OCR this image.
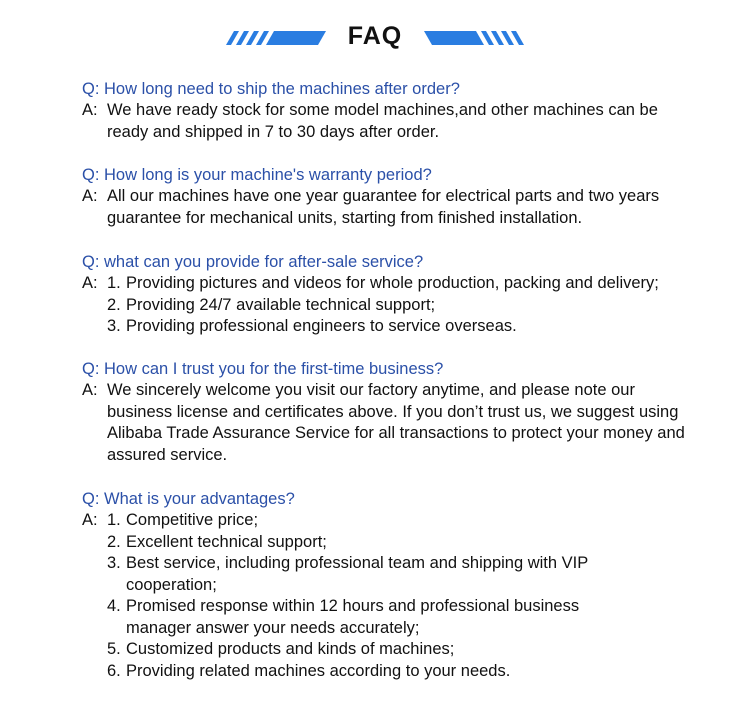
FAQ
Q: How long need to ship the machines after order?
A: We have ready stock for some model machines,and other machines can be ready and shipped in 7 to 30 days after order.
Q: How long is your machine's warranty period?
A: All our machines have one year guarantee for electrical parts and two years guarantee for mechanical units, starting from finished installation.
Q: what can you provide for after-sale service?
A: 1. Providing pictures and videos for whole production, packing and delivery;
2. Providing 24/7 available technical support;
3. Providing professional engineers to service overseas.
Q: How can I trust you for the first-time business?
A: We sincerely welcome you visit our factory anytime, and please note our business license and certificates above. If you don’t trust us, we suggest using Alibaba Trade Assurance Service for all transactions to protect your money and assured service.
Q: What is your advantages?
A: 1. Competitive price;
2. Excellent technical support;
3. Best service, including professional team and shipping with VIP cooperation;
4. Promised response within 12 hours and professional business manager answer your needs accurately;
5. Customized products and kinds of machines;
6. Providing related machines according to your needs.
